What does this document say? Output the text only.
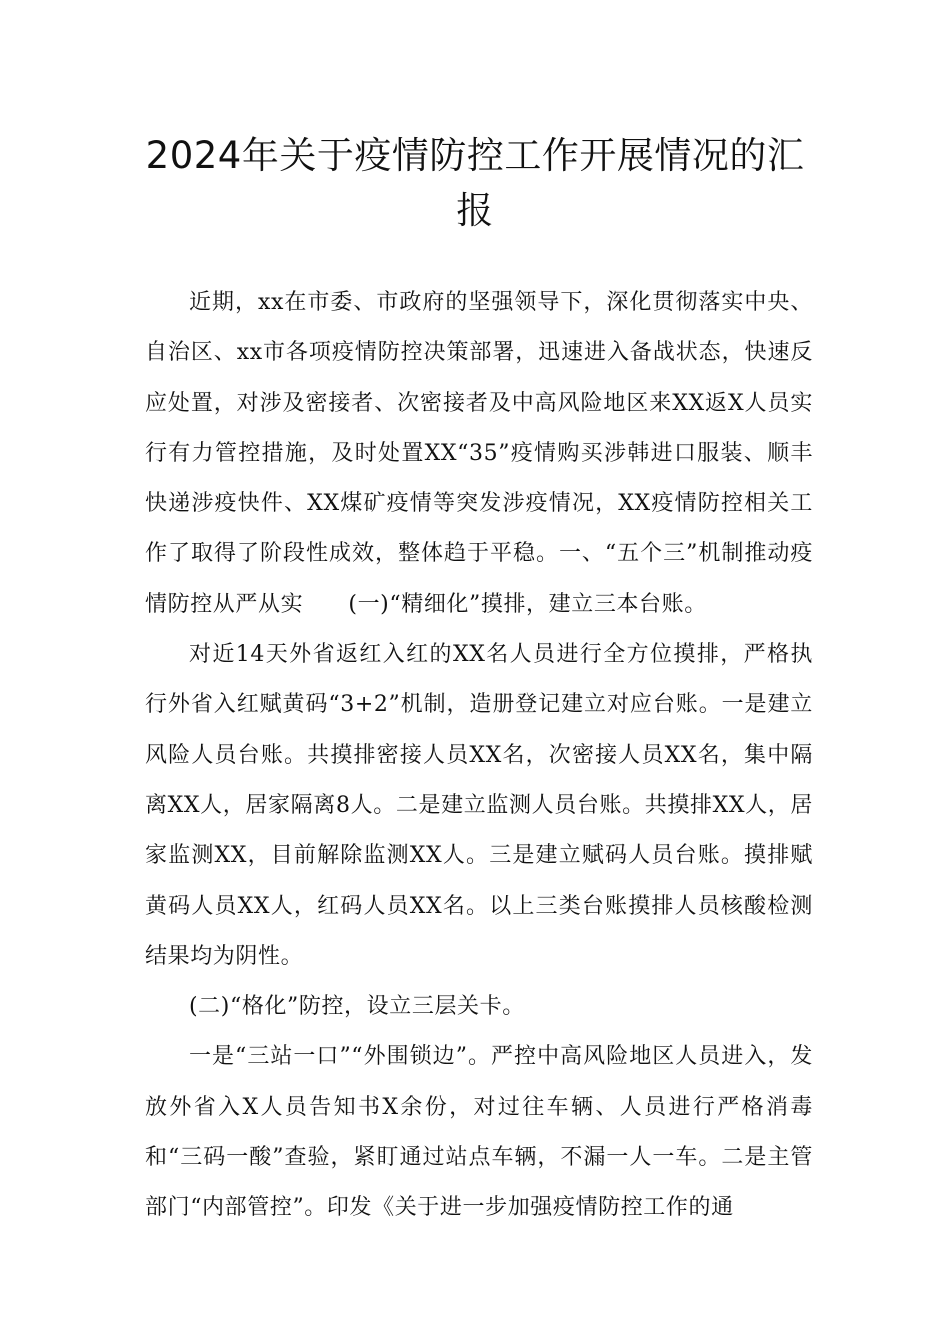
2024年关于疫情防控工作开展情况的汇报

近期，xx在市委、市政府的坚强领导下，深化贯彻落实中央、自治区、xx市各项疫情防控决策部署，迅速进入备战状态，快速反应处置，对涉及密接者、次密接者及中高风险地区来XX返X人员实行有力管控措施，及时处置XX“35”疫情购买涉韩进口服装、顺丰快递涉疫快件、XX煤矿疫情等突发涉疫情况，XX疫情防控相关工作了取得了阶段性成效，整体趋于平稳。一、“五个三”机制推动疫情防控从严从实　　(一)“精细化”摸排，建立三本台账。

对近14天外省返红入红的XX名人员进行全方位摸排，严格执行外省入红赋黄码“3+2”机制，造册登记建立对应台账。一是建立风险人员台账。共摸排密接人员XX名，次密接人员XX名，集中隔离XX人，居家隔离8人。二是建立监测人员台账。共摸排XX人，居家监测XX，目前解除监测XX人。三是建立赋码人员台账。摸排赋黄码人员XX人，红码人员XX名。以上三类台账摸排人员核酸检测结果均为阴性。

(二)“格化”防控，设立三层关卡。

一是“三站一口”“外围锁边”。严控中高风险地区人员进入，发放外省入X人员告知书X余份，对过往车辆、人员进行严格消毒和“三码一酸”查验，紧盯通过站点车辆，不漏一人一车。二是主管部门“内部管控”。印发《关于进一步加强疫情防控工作的通
